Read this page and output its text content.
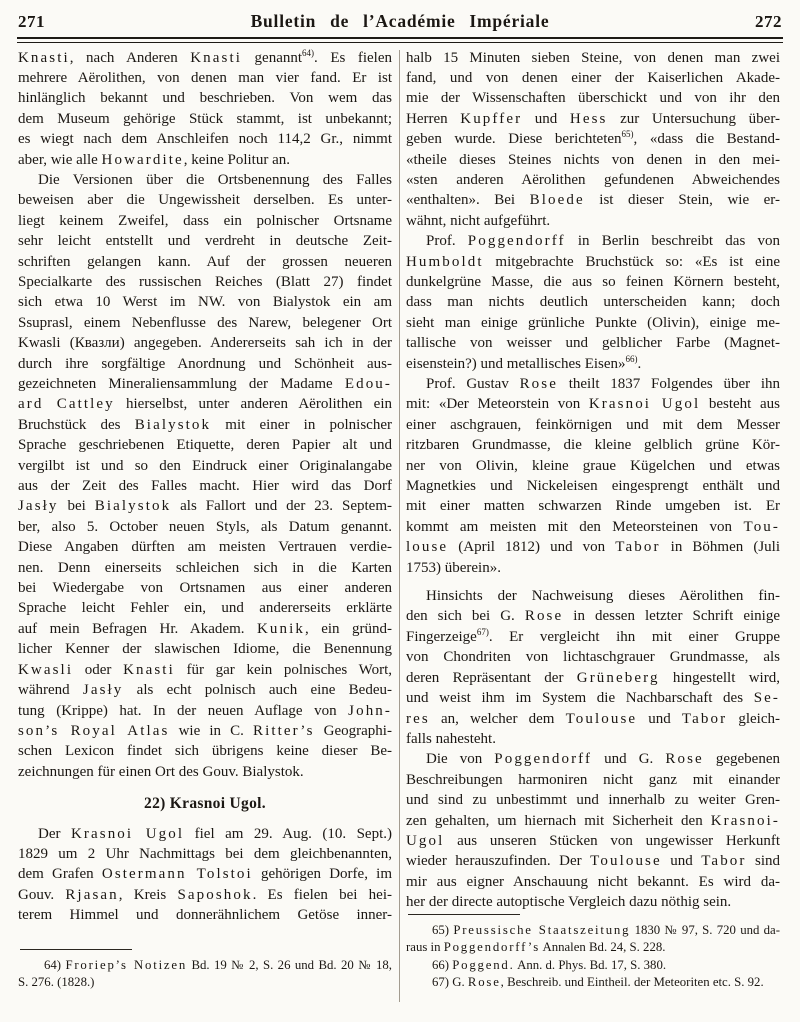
271	Bulletin de l’Académie Impériale	272
Knasti, nach Anderen Knasti genannt$^{64)}$. Es fielen
mehrere Aërolithen, von denen man vier fand. Er ist
hinlänglich bekannt und beschrieben. Von wem das
dem Museum gehörige Stück stammt, ist unbekannt;
es wiegt nach dem Anschleifen noch 114,2 Gr., nimmt
aber, wie alle Howardite, keine Politur an.
Die Versionen über die Ortsbenennung des Falles
beweisen aber die Ungewissheit derselben. Es unter-
liegt keinem Zweifel, dass ein polnischer Ortsname
sehr leicht entstellt und verdreht in deutsche Zeit-
schriften gelangen kann. Auf der grossen neueren
Specialkarte des russischen Reiches (Blatt 27) findet
sich etwa 10 Werst im NW. von Bialystok ein am
Ssuprasl, einem Nebenflusse des Narew, belegener Ort
Kwasli (Квазли) angegeben. Andererseits sah ich in der
durch ihre sorgfältige Anordnung und Schönheit aus-
gezeichneten Mineraliensammlung der Madame Edou-
ard Cattley hierselbst, unter anderen Aërolithen ein
Bruchstück des Bialystok mit einer in polnischer
Sprache geschriebenen Etiquette, deren Papier alt und
vergilbt ist und so den Eindruck einer Originalangabe
aus der Zeit des Falles macht. Hier wird das Dorf
Jasły bei Bialystok als Fallort und der 23. Septem-
ber, also 5. October neuen Styls, als Datum genannt.
Diese Angaben dürften am meisten Vertrauen verdie-
nen. Denn einerseits schleichen sich in die Karten
bei Wiedergabe von Ortsnamen aus einer anderen
Sprache leicht Fehler ein, und andererseits erklärte
auf mein Befragen Hr. Akadem. Kunik, ein gründ-
licher Kenner der slawischen Idiome, die Benennung
Kwasli oder Knasti für gar kein polnisches Wort,
während Jasły als echt polnisch auch eine Bedeu-
tung (Krippe) hat. In der neuen Auflage von John-
son’s Royal Atlas wie in C. Ritter’s Geographi-
schen Lexicon findet sich übrigens keine dieser Be-
zeichnungen für einen Ort des Gouv. Bialystok.
22) Krasnoi Ugol.
Der Krasnoi Ugol fiel am 29. Aug. (10. Sept.)
1829 um 2 Uhr Nachmittags bei dem gleichbenannten,
dem Grafen Ostermann Tolstoi gehörigen Dorfe, im
Gouv. Rjasan, Kreis Saposhok. Es fielen bei hei-
terem Himmel und donnerähnlichem Getöse inner-
64) Froriep’s Notizen Bd. 19 № 2, S. 26 und Bd. 20 № 18,
S. 276. (1828.)
halb 15 Minuten sieben Steine, von denen man zwei
fand, und von denen einer der Kaiserlichen Akade-
mie der Wissenschaften überschickt und von ihr den
Herren Kupffer und Hess zur Untersuchung über-
geben wurde. Diese berichteten$^{65)}$, «dass die Bestand-
«theile dieses Steines nichts von denen in den mei-
«sten anderen Aërolithen gefundenen Abweichendes
«enthalten». Bei Bloede ist dieser Stein, wie er-
wähnt, nicht aufgeführt.
Prof. Poggendorff in Berlin beschreibt das von
Humboldt mitgebrachte Bruchstück so: «Es ist eine
dunkelgrüne Masse, die aus so feinen Körnern besteht,
dass man nichts deutlich unterscheiden kann; doch
sieht man einige grünliche Punkte (Olivin), einige me-
tallische von weisser und gelblicher Farbe (Magnet-
eisenstein?) und metallisches Eisen»$^{66)}$.
Prof. Gustav Rose theilt 1837 Folgendes über ihn
mit: «Der Meteorstein von Krasnoi Ugol besteht aus
einer aschgrauen, feinkörnigen und mit dem Messer
ritzbaren Grundmasse, die kleine gelblich grüne Kör-
ner von Olivin, kleine graue Kügelchen und etwas
Magnetkies und Nickeleisen eingesprengt enthält und
mit einer matten schwarzen Rinde umgeben ist. Er
kommt am meisten mit den Meteorsteinen von Tou-
louse (April 1812) und von Tabor in Böhmen (Juli
1753) überein».
Hinsichts der Nachweisung dieses Aërolithen fin-
den sich bei G. Rose in dessen letzter Schrift einige
Fingerzeige$^{67)}$. Er vergleicht ihn mit einer Gruppe
von Chondriten von lichtaschgrauer Grundmasse, als
deren Repräsentant der Grüneberg hingestellt wird,
und weist ihm im System die Nachbarschaft des Se-
res an, welcher dem Toulouse und Tabor gleich-
falls nahesteht.
Die von Poggendorff und G. Rose gegebenen
Beschreibungen harmoniren nicht ganz mit einander
und sind zu unbestimmt und innerhalb zu weiter Gren-
zen gehalten, um hiernach mit Sicherheit den Krasnoi-
Ugol aus unseren Stücken von ungewisser Herkunft
wieder herauszufinden. Der Toulouse und Tabor sind
mir aus eigner Anschauung nicht bekannt. Es wird da-
her der directe autoptische Vergleich dazu nöthig sein.
65) Preussische Staatszeitung 1830 № 97, S. 720 und da-
raus in Poggendorff’s Annalen Bd. 24, S. 228.
66) Poggend. Ann. d. Phys. Bd. 17, S. 380.
67) G. Rose, Beschreib. und Eintheil. der Meteoriten etc. S. 92.
